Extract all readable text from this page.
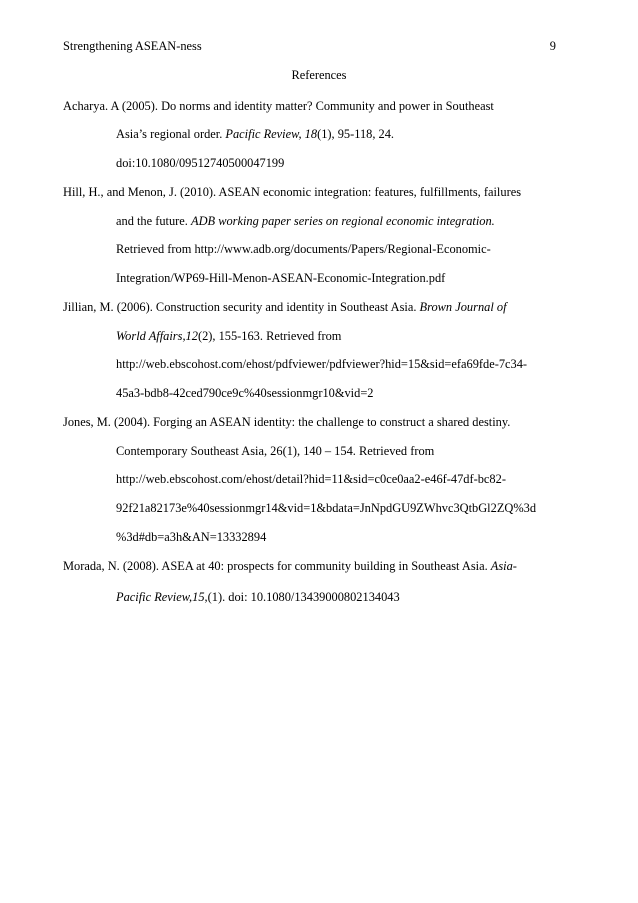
Strengthening ASEAN-ness	9
References
Acharya. A (2005). Do norms and identity matter? Community and power in Southeast
Asia’s regional order. Pacific Review, 18(1), 95-118, 24.
doi:10.1080/09512740500047199
Hill, H., and Menon, J. (2010). ASEAN economic integration: features, fulfillments, failures
and the future. ADB working paper series on regional economic integration.
Retrieved from http://www.adb.org/documents/Papers/Regional-Economic-
Integration/WP69-Hill-Menon-ASEAN-Economic-Integration.pdf
Jillian, M. (2006). Construction security and identity in Southeast Asia. Brown Journal of
World Affairs,12(2), 155-163. Retrieved from
http://web.ebscohost.com/ehost/pdfviewer/pdfviewer?hid=15&sid=efa69fde-7c34-
45a3-bdb8-42ced790ce9c%40sessionmgr10&vid=2
Jones, M. (2004). Forging an ASEAN identity: the challenge to construct a shared destiny.
Contemporary Southeast Asia, 26(1), 140 – 154. Retrieved from
http://web.ebscohost.com/ehost/detail?hid=11&sid=c0ce0aa2-e46f-47df-bc82-
92f21a82173e%40sessionmgr14&vid=1&bdata=JnNpdGU9ZWhvc3QtbGl2ZQ%3d
%3d#db=a3h&AN=13332894
Morada, N. (2008). ASEA at 40: prospects for community building in Southeast Asia. Asia-
Pacific Review,15,(1). doi: 10.1080/13439000802134043
